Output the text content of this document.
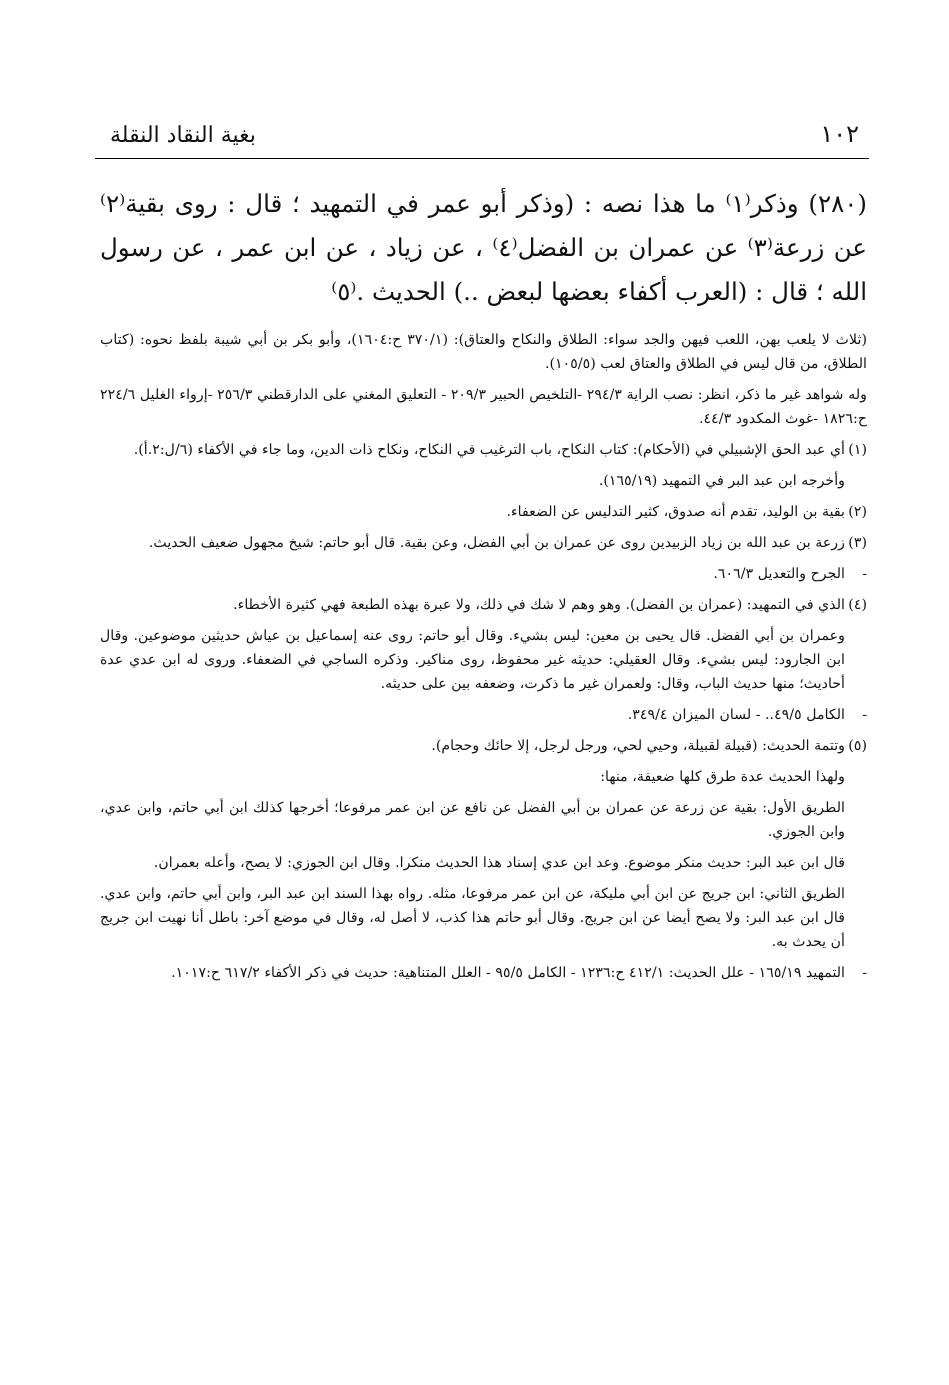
بغية النقاد النقلة	١٠٢

(٢٨٠) وذكر⁽١⁾ ما هذا نصه : (وذكر أبو عمر في التمهيد ؛ قال : روى بقية⁽٢⁾ عن زرعة⁽٣⁾ عن عمران بن الفضل⁽٤⁾ ، عن زياد ، عن ابن عمر ، عن رسول الله ؛ قال : (العرب أكفاء بعضها لبعض ..) الحديث .⁽٥⁾

(ثلاث لا يلعب بهن، اللعب فيهن والجد سواء: الطلاق والنكاح والعتاق): (٣٧٠/١ ح:١٦٠٤)، وأبو بكر بن أبي شيبة بلفظ نحوه: (كتاب الطلاق، من قال ليس في الطلاق والعتاق لعب (١٠٥/٥).

وله شواهد غير ما ذكر، انظر: نصب الراية ٢٩٤/٣ -التلخيص الحبير ٢٠٩/٣ - التعليق المغني على الدارقطني ٢٥٦/٣ -إرواء الغليل ٢٢٤/٦ ح:١٨٢٦ -غوث المكدود ٤٤/٣.

(١)أي عبد الحق الإشبيلي في (الأحكام): كتاب النكاح، باب الترغيب في النكاح، ونكاح ذات الدين، وما جاء في الأكفاء (٦/ل:٢.أ).

وأخرجه ابن عبد البر في التمهيد (١٦٥/١٩).

(٢)بقية بن الوليد، تقدم أنه صدوق، كثير التدليس عن الضعفاء.

(٣)زرعة بن عبد الله بن زياد الزبيدين روى عن عمران بن أبي الفضل، وعن بقية. قال أبو حاتم: شيخ مجهول ضعيف الحديث.

-الجرح والتعديل ٦٠٦/٣.

(٤)الذي في التمهيد: (عمران بن الفضل). وهو وهم لا شك في ذلك، ولا عبرة بهذه الطبعة فهي كثيرة الأخطاء.

وعمران بن أبي الفضل. قال يحيى بن معين: ليس بشيء. وقال أبو حاتم: روى عنه إسماعيل بن عياش حديثين موضوعين. وقال ابن الجارود: ليس بشيء. وقال العقيلي: حديثه غير محفوظ، روى مناكير. وذكره الساجي في الضعفاء. وروى له ابن عدي عدة أحاديث؛ منها حديث الباب، وقال: ولعمران غير ما ذكرت، وضعفه بين على حديثه.

-الكامل ٤٩/٥.. - لسان الميزان ٣٤٩/٤.

(٥)وتتمة الحديث: (قبيلة لقبيلة، وحيي لحي، ورجل لرجل، إلا حائك وحجام).

ولهذا الحديث عدة طرق كلها ضعيفة، منها:

الطريق الأول: بقية عن زرعة عن عمران بن أبي الفضل عن نافع عن ابن عمر مرفوعا؛ أخرجها كذلك ابن أبي حاتم، وابن عدي، وابن الجوزي.

قال ابن عبد البر: حديث منكر موضوع. وعد ابن عدي إسناد هذا الحديث منكرا. وقال ابن الجوزي: لا يصح، وأعله بعمران.

الطريق الثاني: ابن جريج عن ابن أبي مليكة، عن ابن عمر مرفوعا، مثله. رواه بهذا السند ابن عبد البر، وابن أبي حاتم، وابن عدي. قال ابن عبد البر: ولا يصح أيضا عن ابن جريج. وقال أبو حاتم هذا كذب، لا أصل له، وقال في موضع آخر: باطل أنا نهيت ابن جريج أن يحدث به.

-التمهيد ١٦٥/١٩ - علل الحديث: ٤١٢/١ ح:١٢٣٦ - الكامل ٩٥/٥ - العلل المتناهية: حديث في ذكر الأكفاء ٦١٧/٢ ح:١٠١٧.
